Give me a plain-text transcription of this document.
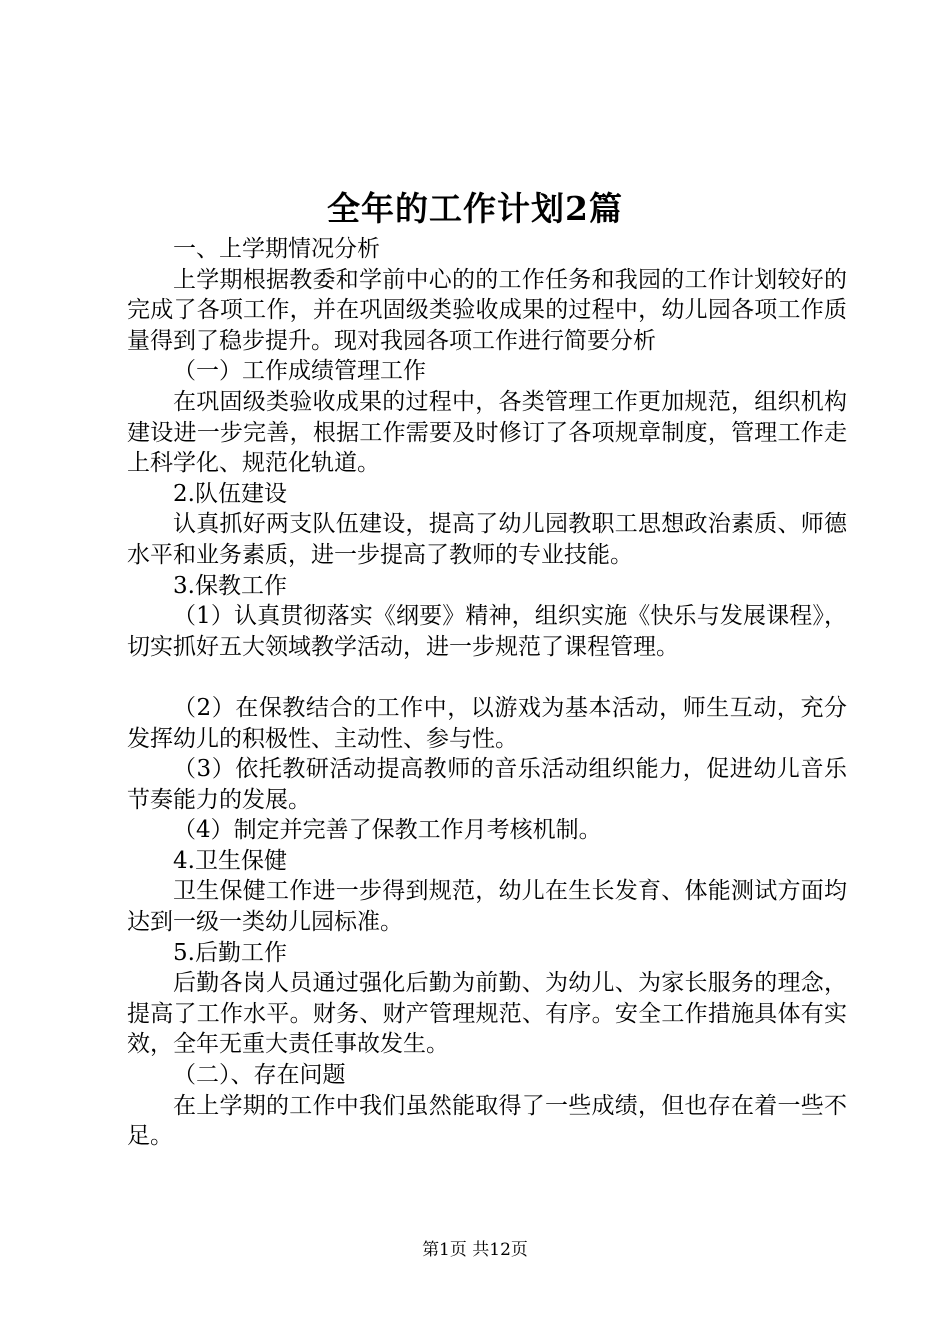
全年的工作计划2篇
一、上学期情况分析
上学期根据教委和学前中心的的工作任务和我园的工作计划较好的完成了各项工作，并在巩固级类验收成果的过程中，幼儿园各项工作质量得到了稳步提升。现对我园各项工作进行简要分析
（一）工作成绩管理工作
在巩固级类验收成果的过程中，各类管理工作更加规范，组织机构建设进一步完善，根据工作需要及时修订了各项规章制度，管理工作走上科学化、规范化轨道。
2.队伍建设
认真抓好两支队伍建设，提高了幼儿园教职工思想政治素质、师德水平和业务素质，进一步提高了教师的专业技能。
3.保教工作
（1）认真贯彻落实《纲要》精神，组织实施《快乐与发展课程》，切实抓好五大领域教学活动，进一步规范了课程管理。
（2）在保教结合的工作中，以游戏为基本活动，师生互动，充分发挥幼儿的积极性、主动性、参与性。
（3）依托教研活动提高教师的音乐活动组织能力，促进幼儿音乐节奏能力的发展。
（4）制定并完善了保教工作月考核机制。
4.卫生保健
卫生保健工作进一步得到规范，幼儿在生长发育、体能测试方面均达到一级一类幼儿园标准。
5.后勤工作
后勤各岗人员通过强化后勤为前勤、为幼儿、为家长服务的理念，提高了工作水平。财务、财产管理规范、有序。安全工作措施具体有实效，全年无重大责任事故发生。
（二）、存在问题
在上学期的工作中我们虽然能取得了一些成绩，但也存在着一些不足。
第1页 共12页
